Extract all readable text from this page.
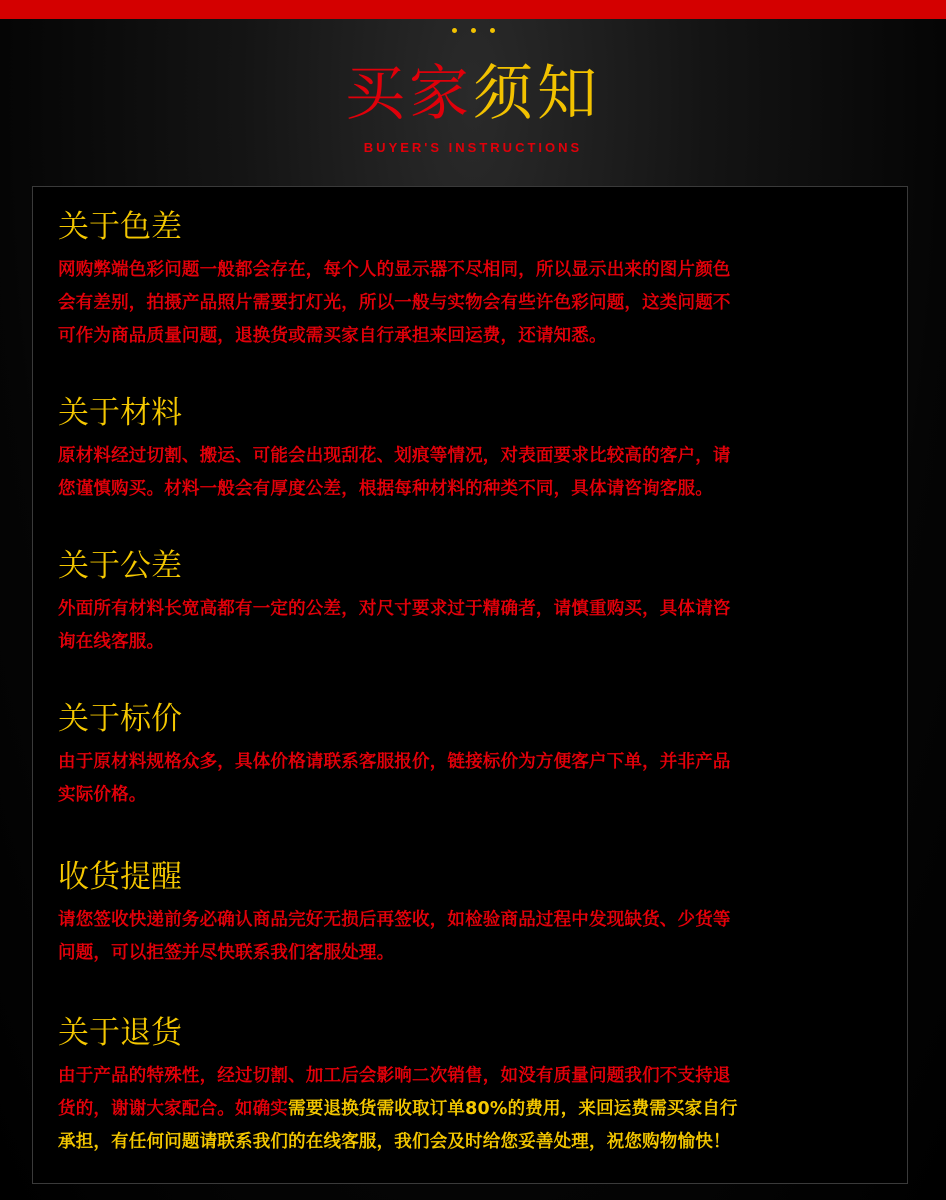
买家须知
BUYER'S INSTRUCTIONS
关于色差
网购弊端色彩问题一般都会存在，每个人的显示器不尽相同，所以显示出来的图片颜色
会有差别，拍摄产品照片需要打灯光，所以一般与实物会有些许色彩问题，这类问题不
可作为商品质量问题，退换货或需买家自行承担来回运费，还请知悉。
关于材料
原材料经过切割、搬运、可能会出现刮花、划痕等情况，对表面要求比较高的客户，请
您谨慎购买。材料一般会有厚度公差，根据每种材料的种类不同，具体请咨询客服。
关于公差
外面所有材料长宽高都有一定的公差，对尺寸要求过于精确者，请慎重购买，具体请咨
询在线客服。
关于标价
由于原材料规格众多，具体价格请联系客服报价，链接标价为方便客户下单，并非产品
实际价格。
收货提醒
请您签收快递前务必确认商品完好无损后再签收，如检验商品过程中发现缺货、少货等
问题，可以拒签并尽快联系我们客服处理。
关于退货
由于产品的特殊性，经过切割、加工后会影响二次销售，如没有质量问题我们不支持退
货的，谢谢大家配合。如确实需要退换货需收取订单80%的费用，来回运费需买家自行
承担，有任何问题请联系我们的在线客服，我们会及时给您妥善处理，祝您购物愉快！
